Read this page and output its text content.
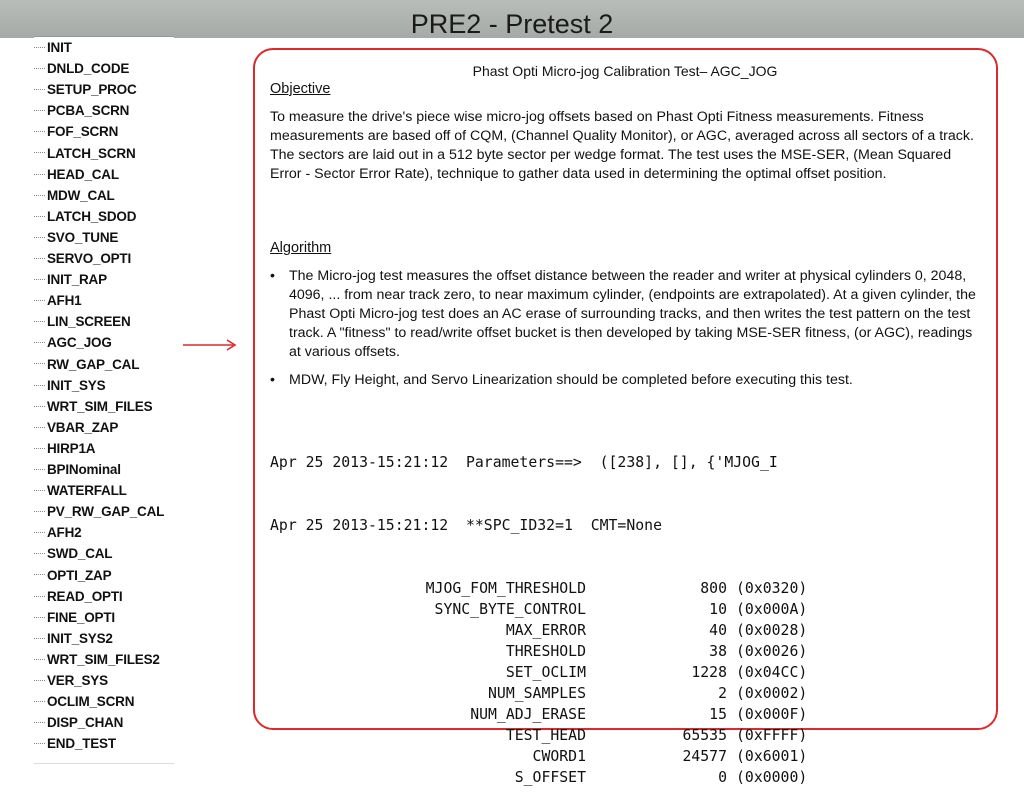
PRE2 - Pretest 2
INIT
DNLD_CODE
SETUP_PROC
PCBA_SCRN
FOF_SCRN
LATCH_SCRN
HEAD_CAL
MDW_CAL
LATCH_SDOD
SVO_TUNE
SERVO_OPTI
INIT_RAP
AFH1
LIN_SCREEN
AGC_JOG
RW_GAP_CAL
INIT_SYS
WRT_SIM_FILES
VBAR_ZAP
HIRP1A
BPINominal
WATERFALL
PV_RW_GAP_CAL
AFH2
SWD_CAL
OPTI_ZAP
READ_OPTI
FINE_OPTI
INIT_SYS2
WRT_SIM_FILES2
VER_SYS
OCLIM_SCRN
DISP_CHAN
END_TEST
Phast Opti Micro-jog Calibration Test– AGC_JOG
Objective
To measure the drive's piece wise micro-jog offsets based on Phast Opti Fitness measurements. Fitness measurements are based off of CQM, (Channel Quality Monitor), or AGC, averaged across all sectors of a track. The sectors are laid out in a 512 byte sector per wedge format. The test uses the MSE-SER, (Mean Squared Error - Sector Error Rate), technique to gather data used in determining the optimal offset position.
Algorithm
• The Micro-jog test measures the offset distance between the reader and writer at physical cylinders 0, 2048, 4096, ... from near track zero, to near maximum cylinder, (endpoints are extrapolated). At a given cylinder, the Phast Opti Micro-jog test does an AC erase of surrounding tracks, and then writes the test pattern on the test track. A "fitness" to read/write offset bucket is then developed by taking MSE-SER fitness, (or AGC), readings at various offsets.
• MDW, Fly Height, and Servo Linearization should be completed before executing this test.

Apr 25 2013-15:21:12  Parameters==>  ([238], [], {'MJOG_I

Apr 25 2013-15:21:12  **SPC_ID32=1  CMT=None

MJOG_FOM_THRESHOLD	800 (0x0320)
SYNC_BYTE_CONTROL	10 (0x000A)
MAX_ERROR	40 (0x0028)
THRESHOLD	38 (0x0026)
SET_OCLIM	1228 (0x04CC)
NUM_SAMPLES	2 (0x0002)
NUM_ADJ_ERASE	15 (0x000F)
TEST_HEAD	65535 (0xFFFF)
CWORD1	24577 (0x6001)
S_OFFSET	0 (0x0000)
